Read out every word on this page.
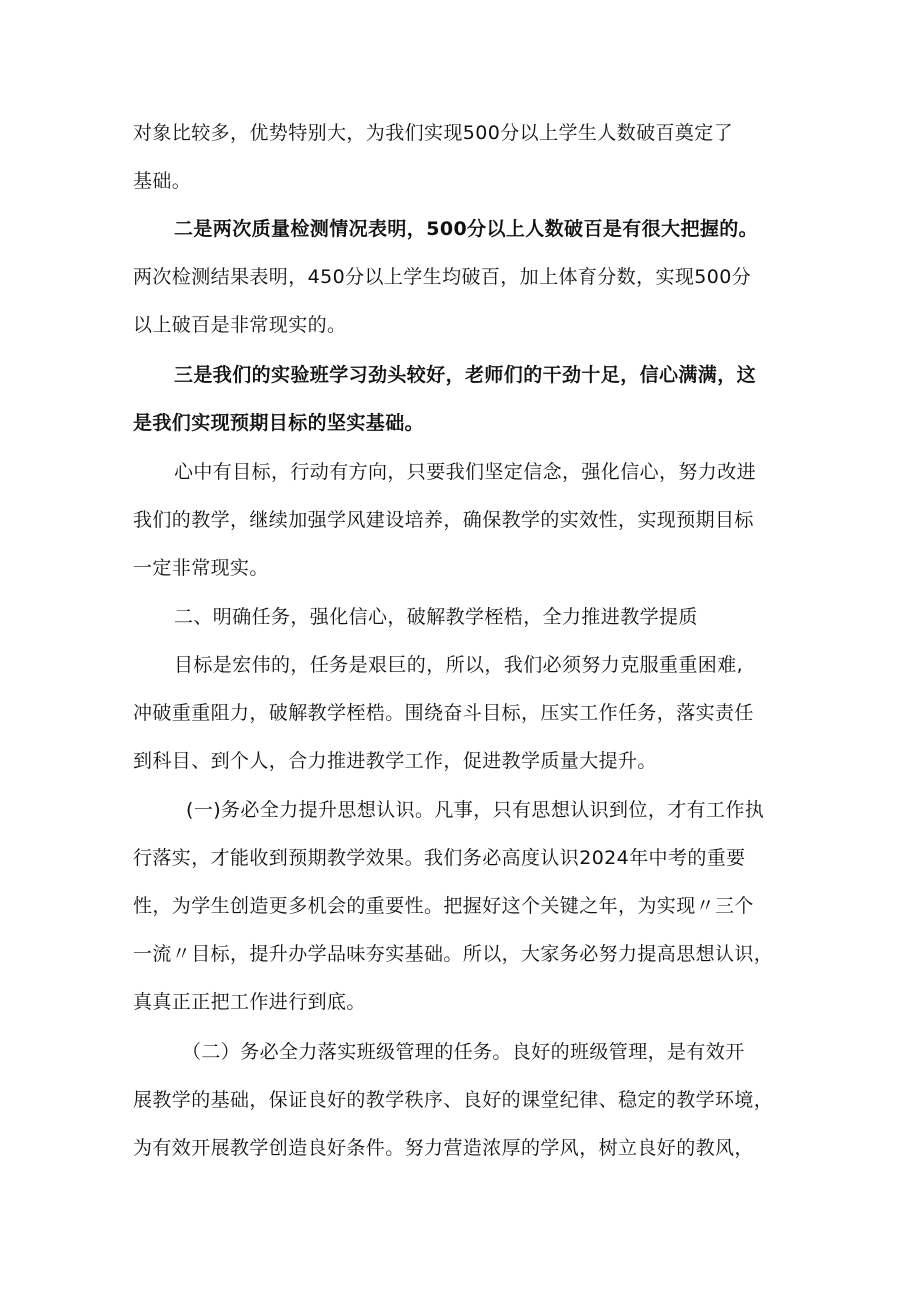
对象比较多，优势特别大，为我们实现500分以上学生人数破百奠定了
基础。
二是两次质量检测情况表明，500分以上人数破百是有很大把握的。
两次检测结果表明，450分以上学生均破百，加上体育分数，实现500分
以上破百是非常现实的。
三是我们的实验班学习劲头较好，老师们的干劲十足，信心满满，这
是我们实现预期目标的坚实基础。
心中有目标，行动有方向，只要我们坚定信念，强化信心，努力改进
我们的教学，继续加强学风建设培养，确保教学的实效性，实现预期目标
一定非常现实。
二、明确任务，强化信心，破解教学桎梏，全力推进教学提质
目标是宏伟的，任务是艰巨的，所以，我们必须努力克服重重困难,
冲破重重阻力，破解教学桎梏。围绕奋斗目标，压实工作任务，落实责任
到科目、到个人，合力推进教学工作，促进教学质量大提升。
(一)务必全力提升思想认识。凡事，只有思想认识到位，才有工作执
行落实，才能收到预期教学效果。我们务必高度认识2024年中考的重要
性，为学生创造更多机会的重要性。把握好这个关键之年，为实现〃三个
一流〃目标，提升办学品味夯实基础。所以，大家务必努力提高思想认识，
真真正正把工作进行到底。
（二）务必全力落实班级管理的任务。良好的班级管理，是有效开
展教学的基础，保证良好的教学秩序、良好的课堂纪律、稳定的教学环境，
为有效开展教学创造良好条件。努力营造浓厚的学风，树立良好的教风，
